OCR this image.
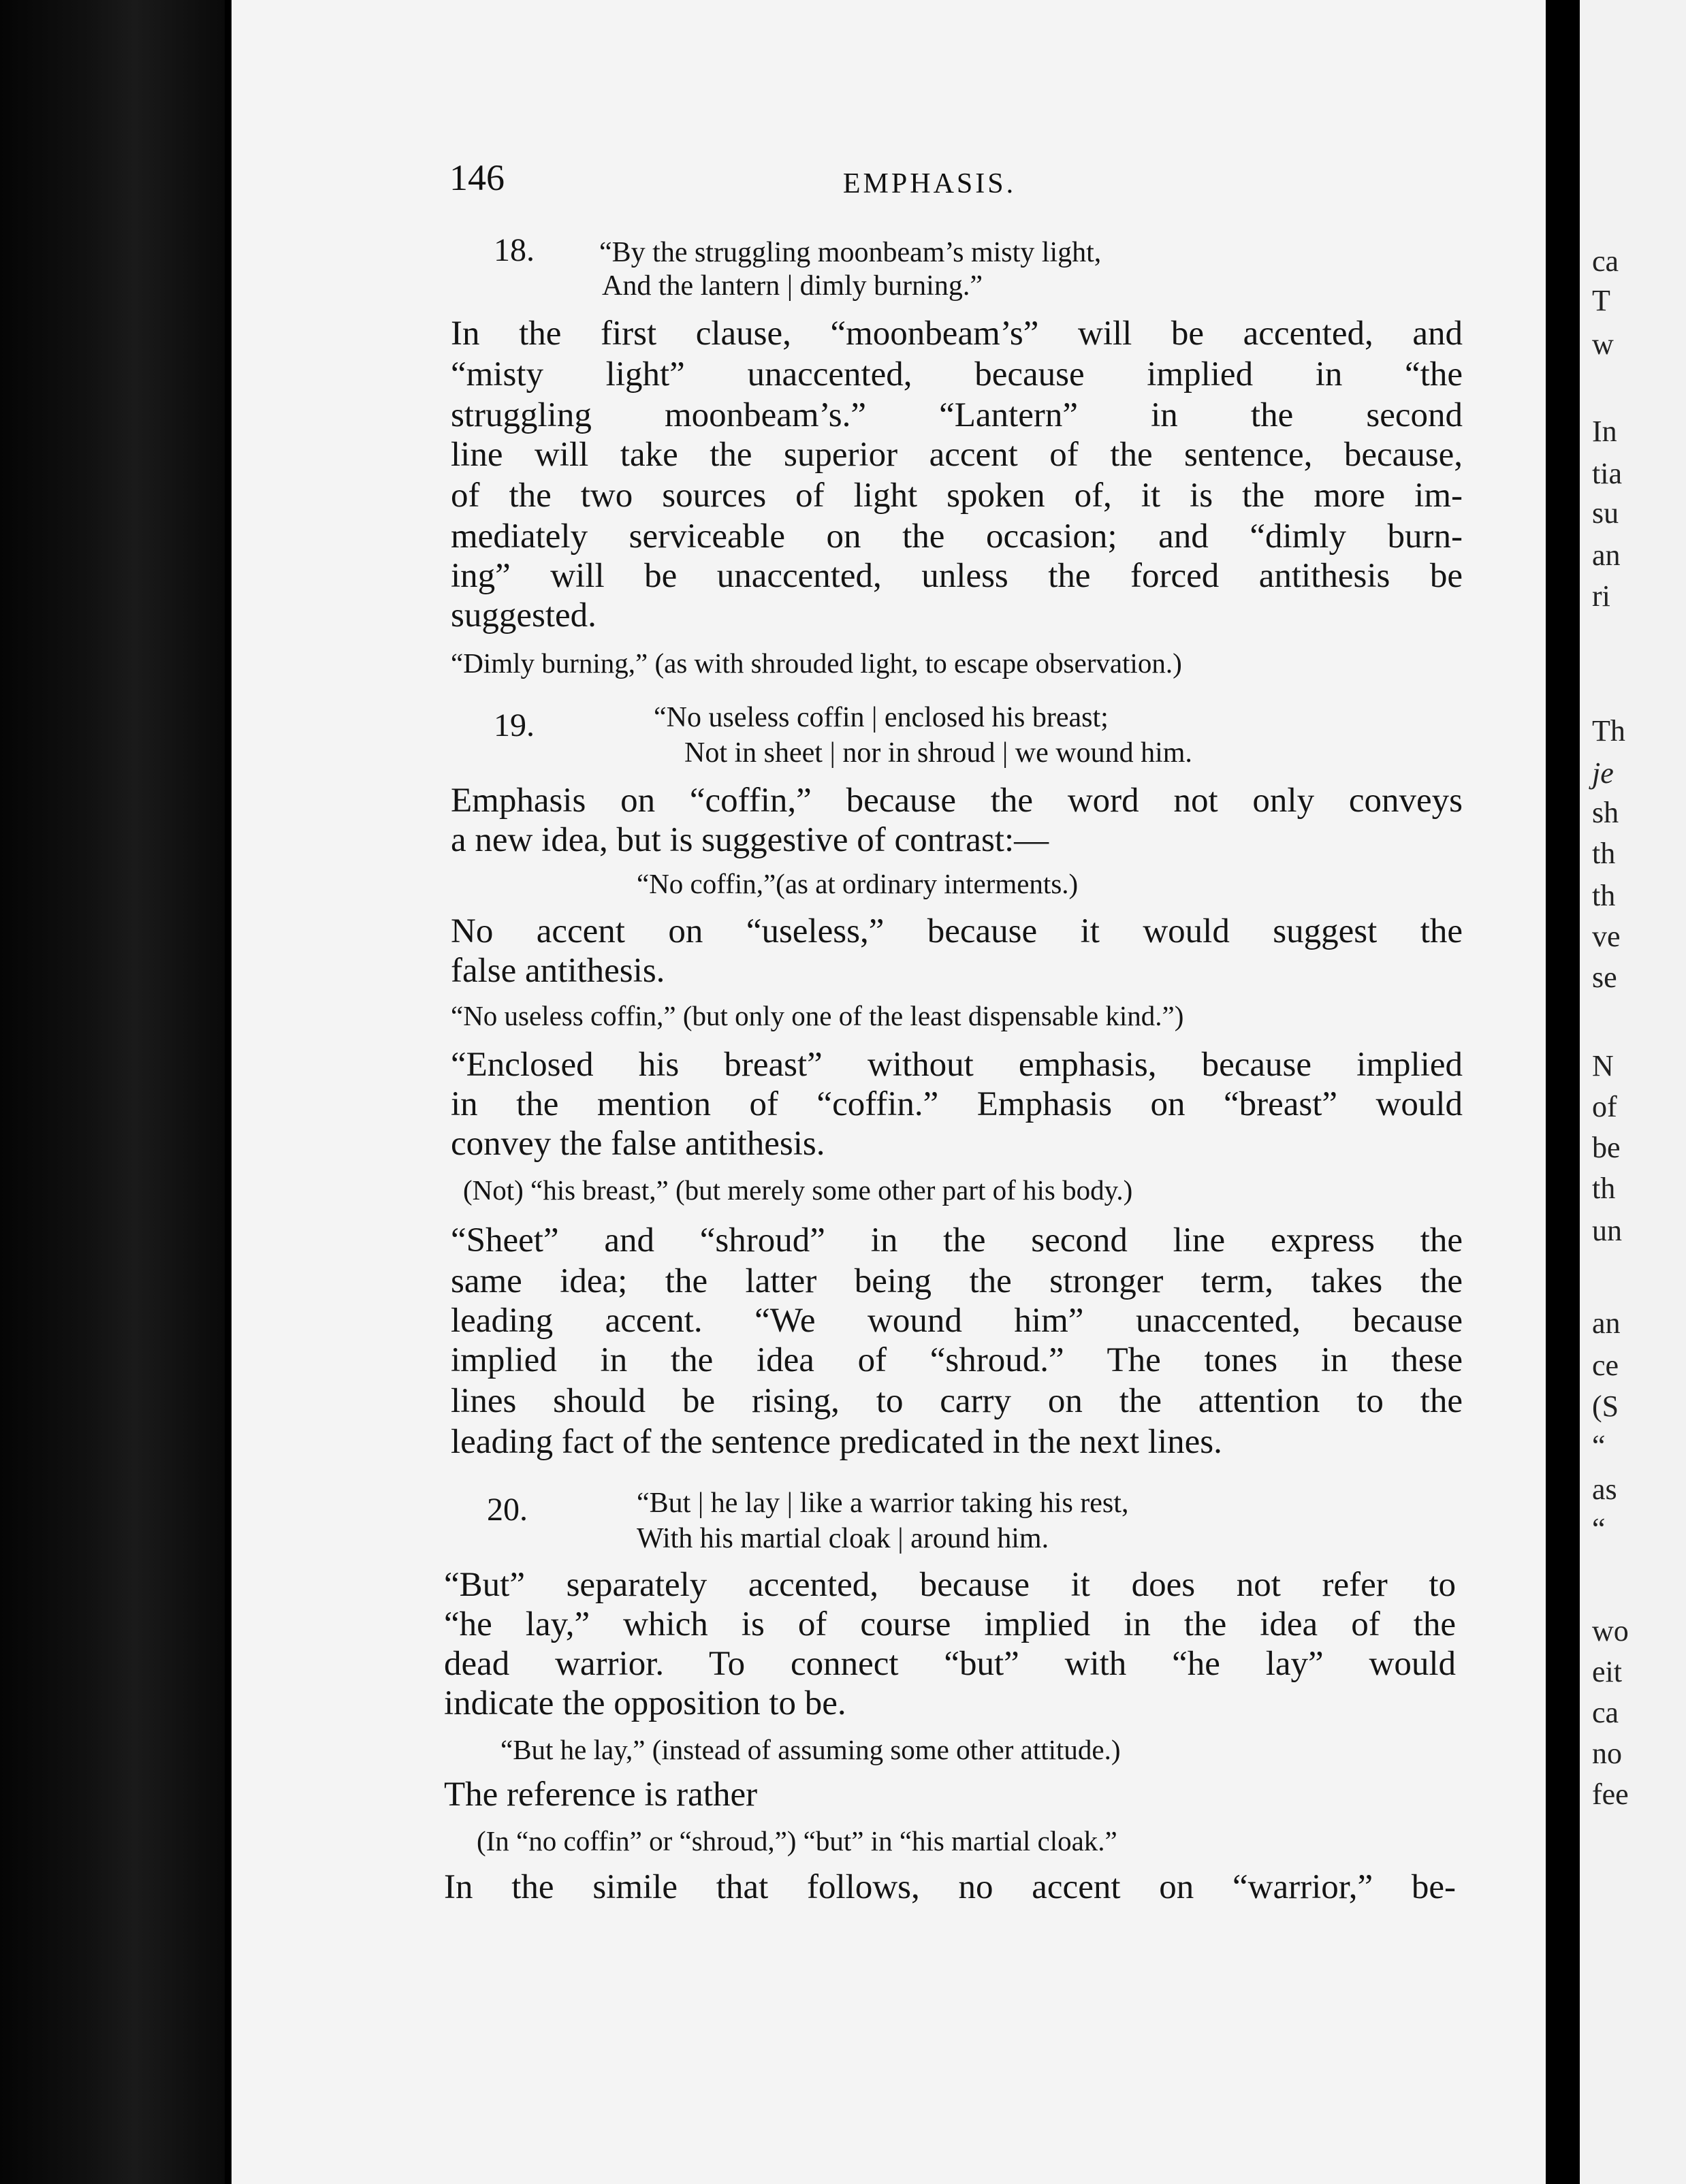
ca
T
w
In
tia
su
an
ri
Th
je
sh
th
th
ve
se
N
of
be
th
un
an
ce
(S
“
as
“
wo
eit
ca
no
fee
146	EMPHASIS.
18. “By the struggling moonbeam’s misty light,
And the lantern | dimly burning.”
In the first clause, “moonbeam’s” will be accented, and
“misty light” unaccented, because implied in “the
struggling moonbeam’s.” “Lantern” in the second
line will take the superior accent of the sentence, because,
of the two sources of light spoken of, it is the more im-
mediately serviceable on the occasion; and “dimly burn-
ing” will be unaccented, unless the forced antithesis be
suggested.
“Dimly burning,” (as with shrouded light, to escape observation.)
19.	“No useless coffin | enclosed his breast;
Not in sheet | nor in shroud | we wound him.
Emphasis on “coffin,” because the word not only conveys
a new idea, but is suggestive of contrast:—
“No coffin,”(as at ordinary interments.)
No accent on “useless,” because it would suggest the
false antithesis.
“No useless coffin,” (but only one of the least dispensable kind.”)
“Enclosed his breast” without emphasis, because implied
in the mention of “coffin.” Emphasis on “breast” would
convey the false antithesis.
(Not) “his breast,” (but merely some other part of his body.)
“Sheet” and “shroud” in the second line express the
same idea; the latter being the stronger term, takes the
leading accent. “We wound him” unaccented, because
implied in the idea of “shroud.” The tones in these
lines should be rising, to carry on the attention to the
leading fact of the sentence predicated in the next lines.
20.	“But | he lay | like a warrior taking his rest,
With his martial cloak | around him.
“But” separately accented, because it does not refer to
“he lay,” which is of course implied in the idea of the
dead warrior. To connect “but” with “he lay” would
indicate the opposition to be.
“But he lay,” (instead of assuming some other attitude.)
The reference is rather
(In “no coffin” or “shroud,”) “but” in “his martial cloak.”
In the simile that follows, no accent on “warrior,” be-
